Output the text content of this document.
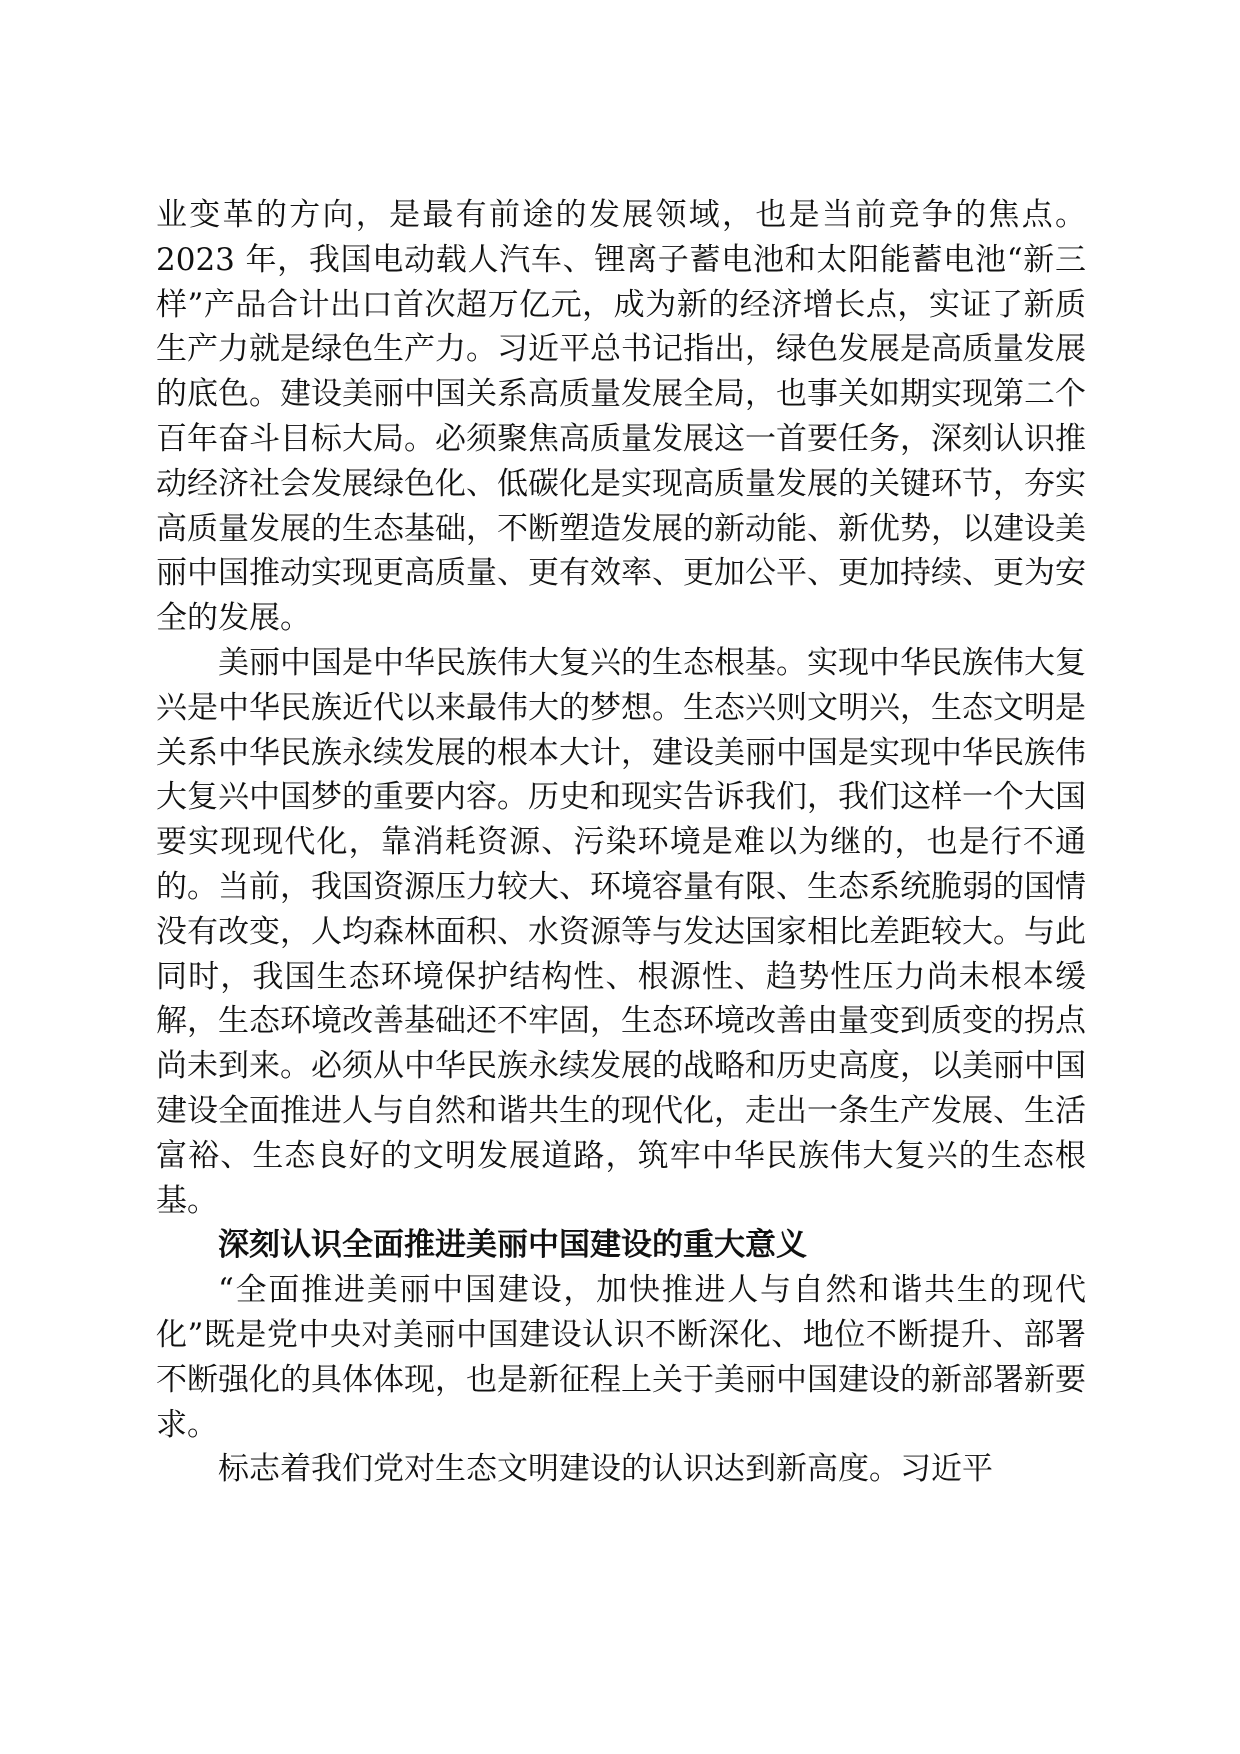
业变革的方向，是最有前途的发展领域，也是当前竞争的焦点。2023 年，我国电动载人汽车、锂离子蓄电池和太阳能蓄电池“新三样”产品合计出口首次超万亿元，成为新的经济增长点，实证了新质生产力就是绿色生产力。习近平总书记指出，绿色发展是高质量发展的底色。建设美丽中国关系高质量发展全局，也事关如期实现第二个百年奋斗目标大局。必须聚焦高质量发展这一首要任务，深刻认识推动经济社会发展绿色化、低碳化是实现高质量发展的关键环节，夯实高质量发展的生态基础，不断塑造发展的新动能、新优势，以建设美丽中国推动实现更高质量、更有效率、更加公平、更加持续、更为安全的发展。

美丽中国是中华民族伟大复兴的生态根基。实现中华民族伟大复兴是中华民族近代以来最伟大的梦想。生态兴则文明兴，生态文明是关系中华民族永续发展的根本大计，建设美丽中国是实现中华民族伟大复兴中国梦的重要内容。历史和现实告诉我们，我们这样一个大国要实现现代化，靠消耗资源、污染环境是难以为继的，也是行不通的。当前，我国资源压力较大、环境容量有限、生态系统脆弱的国情没有改变，人均森林面积、水资源等与发达国家相比差距较大。与此同时，我国生态环境保护结构性、根源性、趋势性压力尚未根本缓解，生态环境改善基础还不牢固，生态环境改善由量变到质变的拐点尚未到来。必须从中华民族永续发展的战略和历史高度，以美丽中国建设全面推进人与自然和谐共生的现代化，走出一条生产发展、生活富裕、生态良好的文明发展道路，筑牢中华民族伟大复兴的生态根基。

深刻认识全面推进美丽中国建设的重大意义

“全面推进美丽中国建设，加快推进人与自然和谐共生的现代化”既是党中央对美丽中国建设认识不断深化、地位不断提升、部署不断强化的具体体现，也是新征程上关于美丽中国建设的新部署新要求。

标志着我们党对生态文明建设的认识达到新高度。习近平
